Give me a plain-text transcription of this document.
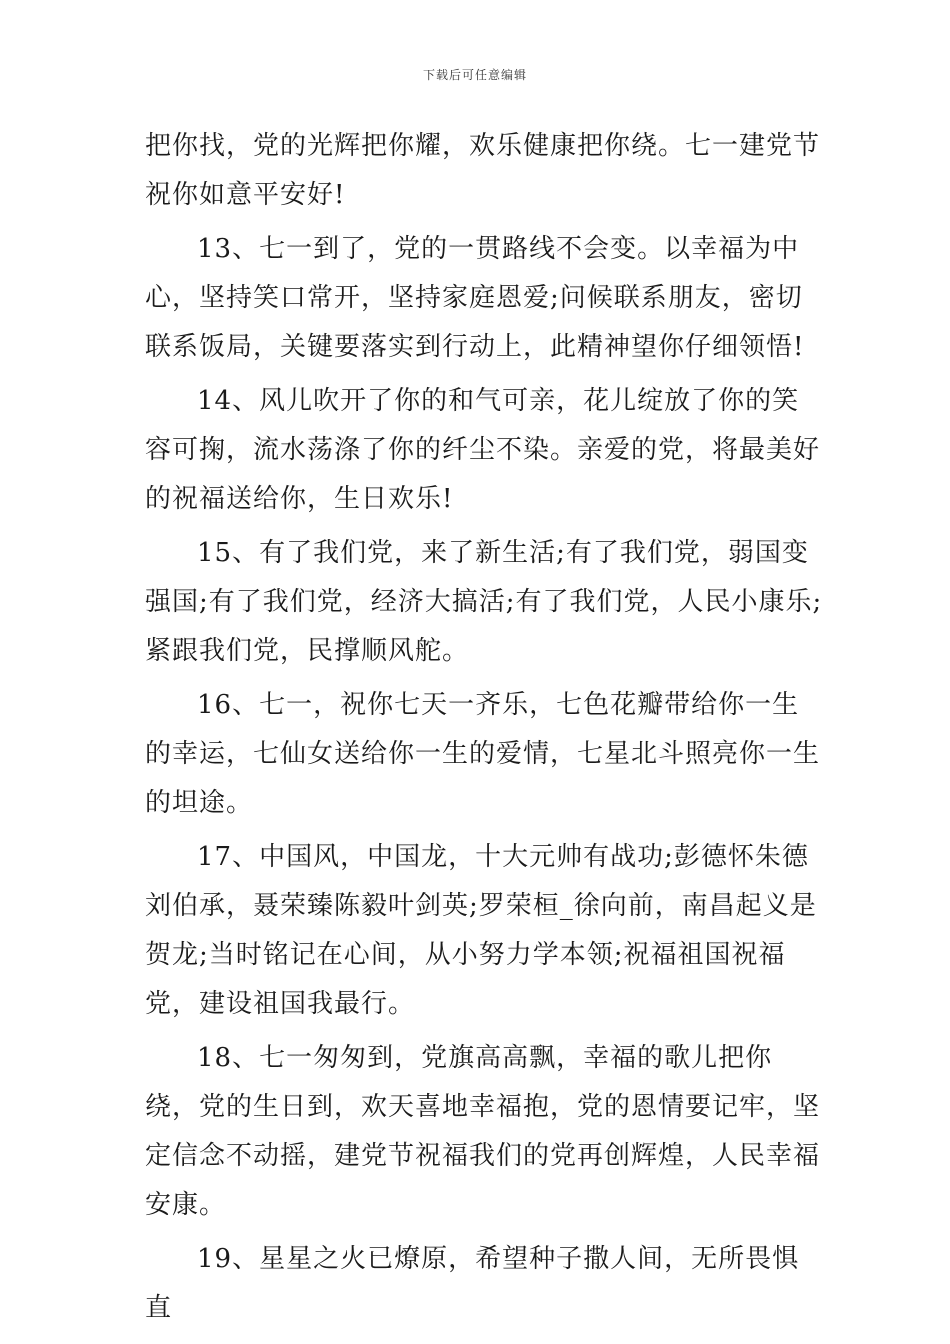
下载后可任意编辑

把你找，党的光辉把你耀，欢乐健康把你绕。七一建党节祝你如意平安好!

13、七一到了，党的一贯路线不会变。以幸福为中心，坚持笑口常开，坚持家庭恩爱;问候联系朋友，密切联系饭局，关键要落实到行动上，此精神望你仔细领悟!

14、风儿吹开了你的和气可亲，花儿绽放了你的笑容可掬，流水荡涤了你的纤尘不染。亲爱的党，将最美好的祝福送给你，生日欢乐!

15、有了我们党，来了新生活;有了我们党，弱国变强国;有了我们党，经济大搞活;有了我们党，人民小康乐;紧跟我们党，民撑顺风舵。

16、七一，祝你七天一齐乐，七色花瓣带给你一生的幸运，七仙女送给你一生的爱情，七星北斗照亮你一生的坦途。

17、中国风，中国龙，十大元帅有战功;彭德怀朱德刘伯承，聂荣臻陈毅叶剑英;罗荣桓_徐向前，南昌起义是贺龙;当时铭记在心间，从小努力学本领;祝福祖国祝福党，建设祖国我最行。

18、七一匆匆到，党旗高高飘，幸福的歌儿把你绕，党的生日到，欢天喜地幸福抱，党的恩情要记牢，坚定信念不动摇，建党节祝福我们的党再创辉煌，人民幸福安康。

19、星星之火已燎原，希望种子撒人间，无所畏惧直
